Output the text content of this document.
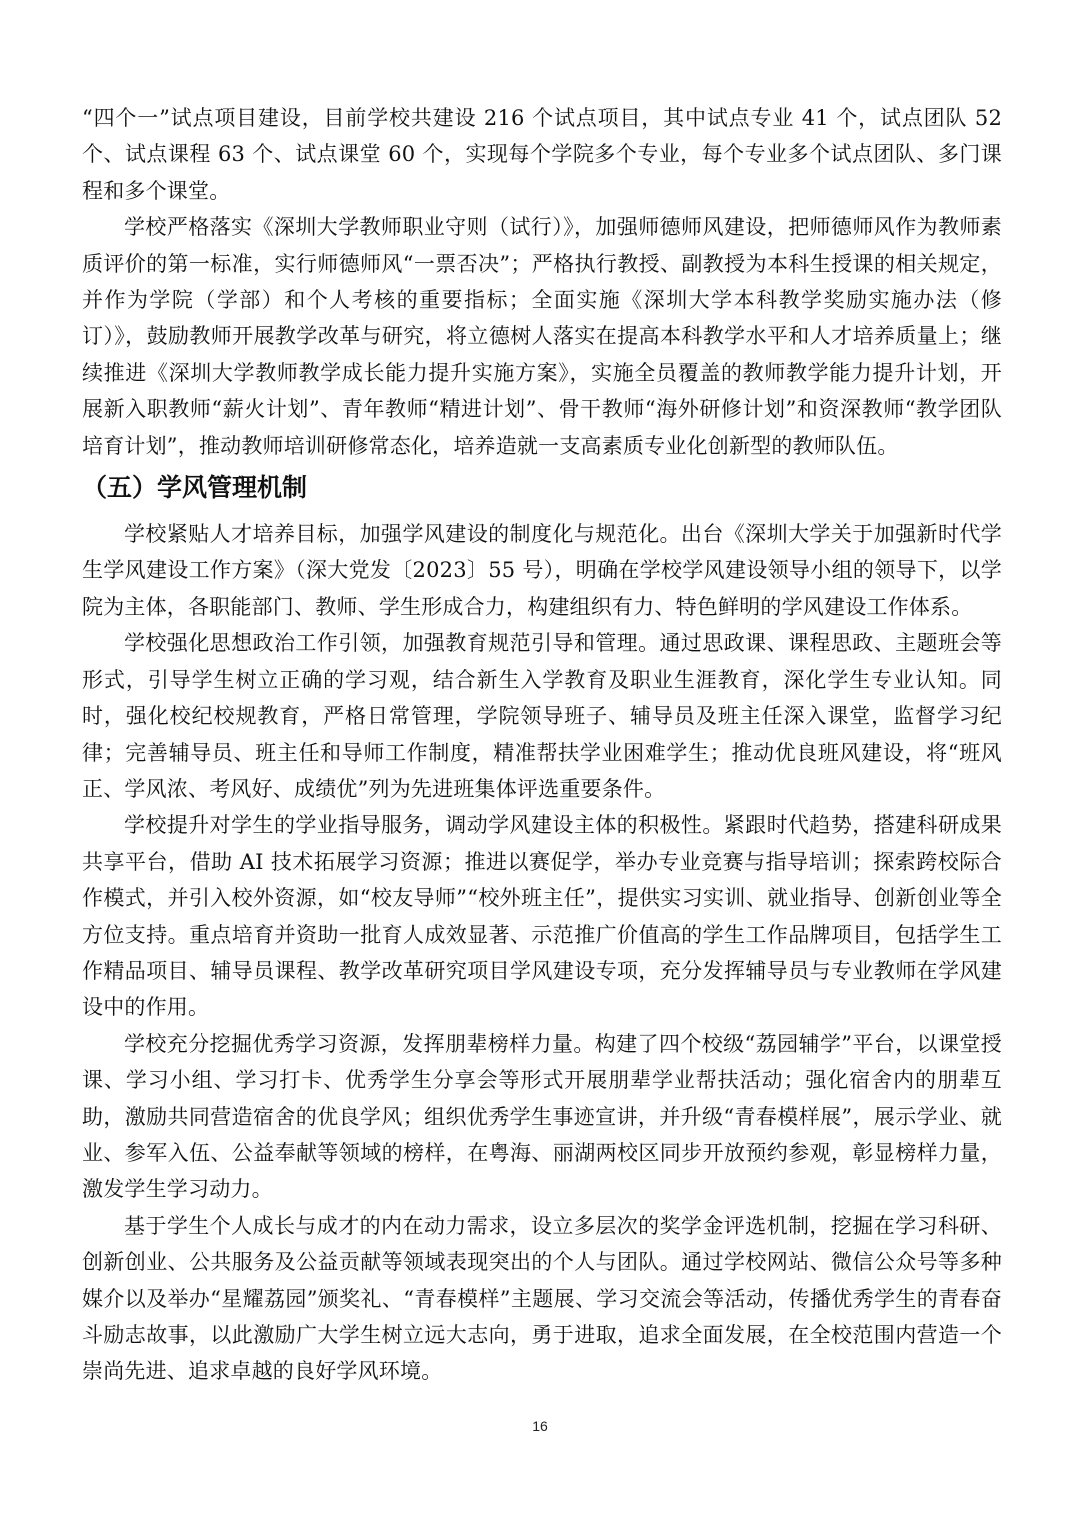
“四个一”试点项目建设，目前学校共建设 216 个试点项目，其中试点专业 41 个，试点团队 52 个、试点课程 63 个、试点课堂 60 个，实现每个学院多个专业，每个专业多个试点团队、多门课程和多个课堂。

学校严格落实《深圳大学教师职业守则（试行）》，加强师德师风建设，把师德师风作为教师素质评价的第一标准，实行师德师风“一票否决”；严格执行教授、副教授为本科生授课的相关规定，并作为学院（学部）和个人考核的重要指标；全面实施《深圳大学本科教学奖励实施办法（修订）》，鼓励教师开展教学改革与研究，将立德树人落实在提高本科教学水平和人才培养质量上；继续推进《深圳大学教师教学成长能力提升实施方案》，实施全员覆盖的教师教学能力提升计划，开展新入职教师“薪火计划”、青年教师“精进计划”、骨干教师“海外研修计划”和资深教师“教学团队培育计划”，推动教师培训研修常态化，培养造就一支高素质专业化创新型的教师队伍。

（五）学风管理机制

学校紧贴人才培养目标，加强学风建设的制度化与规范化。出台《深圳大学关于加强新时代学生学风建设工作方案》（深大党发〔2023〕55 号），明确在学校学风建设领导小组的领导下，以学院为主体，各职能部门、教师、学生形成合力，构建组织有力、特色鲜明的学风建设工作体系。

学校强化思想政治工作引领，加强教育规范引导和管理。通过思政课、课程思政、主题班会等形式，引导学生树立正确的学习观，结合新生入学教育及职业生涯教育，深化学生专业认知。同时，强化校纪校规教育，严格日常管理，学院领导班子、辅导员及班主任深入课堂，监督学习纪律；完善辅导员、班主任和导师工作制度，精准帮扶学业困难学生；推动优良班风建设，将“班风正、学风浓、考风好、成绩优”列为先进班集体评选重要条件。

学校提升对学生的学业指导服务，调动学风建设主体的积极性。紧跟时代趋势，搭建科研成果共享平台，借助 AI 技术拓展学习资源；推进以赛促学，举办专业竞赛与指导培训；探索跨校际合作模式，并引入校外资源，如“校友导师”“校外班主任”，提供实习实训、就业指导、创新创业等全方位支持。重点培育并资助一批育人成效显著、示范推广价值高的学生工作品牌项目，包括学生工作精品项目、辅导员课程、教学改革研究项目学风建设专项，充分发挥辅导员与专业教师在学风建设中的作用。

学校充分挖掘优秀学习资源，发挥朋辈榜样力量。构建了四个校级“荔园辅学”平台，以课堂授课、学习小组、学习打卡、优秀学生分享会等形式开展朋辈学业帮扶活动；强化宿舍内的朋辈互助，激励共同营造宿舍的优良学风；组织优秀学生事迹宣讲，并升级“青春模样展”，展示学业、就业、参军入伍、公益奉献等领域的榜样，在粤海、丽湖两校区同步开放预约参观，彰显榜样力量，激发学生学习动力。

基于学生个人成长与成才的内在动力需求，设立多层次的奖学金评选机制，挖掘在学习科研、创新创业、公共服务及公益贡献等领域表现突出的个人与团队。通过学校网站、微信公众号等多种媒介以及举办“星耀荔园”颁奖礼、“青春模样”主题展、学习交流会等活动，传播优秀学生的青春奋斗励志故事，以此激励广大学生树立远大志向，勇于进取，追求全面发展，在全校范围内营造一个崇尚先进、追求卓越的良好学风环境。

16
